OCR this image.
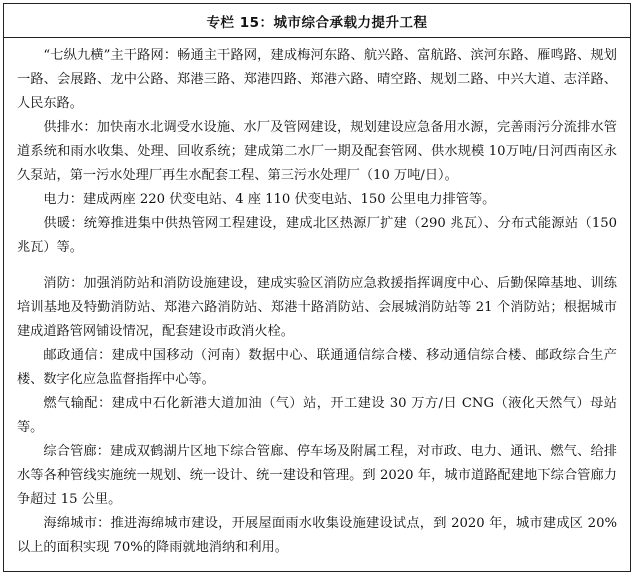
专栏 15：城市综合承载力提升工程

“七纵九横”主干路网：畅通主干路网，建成梅河东路、航兴路、富航路、滨河东路、雁鸣路、规划一路、会展路、龙中公路、郑港三路、郑港四路、郑港六路、晴空路、规划二路、中兴大道、志洋路、人民东路。

供排水：加快南水北调受水设施、水厂及管网建设，规划建设应急备用水源，完善雨污分流排水管道系统和雨水收集、处理、回收系统；建成第二水厂一期及配套管网、供水规模 10万吨/日河西南区永久泵站，第一污水处理厂再生水配套工程、第三污水处理厂（10 万吨/日）。

电力：建成两座 220 伏变电站、4 座 110 伏变电站、150 公里电力排管等。

供暖：统筹推进集中供热管网工程建设，建成北区热源厂扩建（290 兆瓦）、分布式能源站（150 兆瓦）等。

消防：加强消防站和消防设施建设，建成实验区消防应急救援指挥调度中心、后勤保障基地、训练培训基地及特勤消防站、郑港六路消防站、郑港十路消防站、会展城消防站等 21 个消防站；根据城市建成道路管网铺设情况，配套建设市政消火栓。

邮政通信：建成中国移动（河南）数据中心、联通通信综合楼、移动通信综合楼、邮政综合生产楼、数字化应急监督指挥中心等。

燃气输配：建成中石化新港大道加油（气）站，开工建设 30 万方/日 CNG（液化天然气）母站等。

综合管廊：建成双鹤湖片区地下综合管廊、停车场及附属工程，对市政、电力、通讯、燃气、给排水等各种管线实施统一规划、统一设计、统一建设和管理。到 2020 年，城市道路配建地下综合管廊力争超过 15 公里。

海绵城市：推进海绵城市建设，开展屋面雨水收集设施建设试点，到 2020 年，城市建成区 20%以上的面积实现 70%的降雨就地消纳和利用。
